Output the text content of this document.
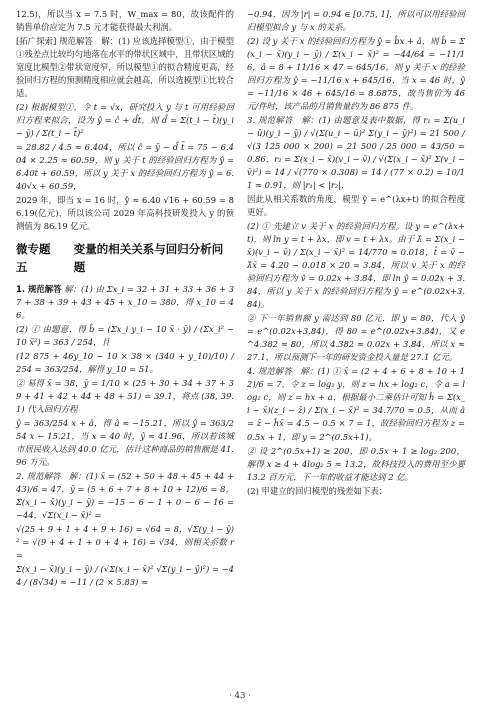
12.5)，所以当 x = 7.5 时，W_max = 80，故该配件的销售单价应定为 7.5 元才能获得最大利润。

[拓广探索] 规范解答　解：(1) 应该选择模型①，由于模型①残差点比较均匀地落在水平的带状区域中，且带状区域的宽度比模型②带状宽度窄，所以模型①的拟合精度更高，经验回归方程的预测精度相应就会越高，所以选模型①比较合适。

(2) 根据模型①，令 t = √x，研究投入 y 与 t 可用经验回归方程来拟合，设为 ŷ = ĉ + d̂t，则 d̂ = Σ(t_i − t̄)(y_i − ȳ) / Σ(t_i − t̄)²

= 28.82 / 4.5 ≈ 6.404，所以 ĉ = ȳ − d̂ t̄ = 75 − 6.404 × 2.25 ≈ 60.59，则 y 关于 t 的经验回归方程为 ŷ = 6.40t + 60.59，所以 y 关于 x 的经验回归方程为 ŷ = 6.40√x + 60.59，

2029 年，即当 x = 16 时，ŷ ≈ 6.40 √16 + 60.59 = 86.19(亿元)，所以该公司 2029 年高科技研发投入 y 的预测值为 86.19 亿元。

微专题五
变量的相关关系与回归分析问题

1. 规范解答 解：(1) 由 Σx_i = 32 + 31 + 33 + 36 + 37 + 38 + 39 + 43 + 45 + x_10 = 380，得 x_10 = 46。

(2) ① 由题意，得 b̂ = (Σx_i y_i − 10 x̄ · ȳ) / (Σx_i² − 10 x̄²) = 363 / 254，且

(12 875 + 46y_10 − 10 × 38 × (340 + y_10)/10) / 254 = 363/254，解得 y_10 = 51。

② 易得 x̄ = 38，ȳ = 1/10 × (25 + 30 + 34 + 37 + 39 + 41 + 42 + 44 + 48 + 51) = 39.1，将点 (38, 39.1) 代入回归方程

ŷ = 363/254 x + â，得 â ≈ −15.21，所以 ŷ = 363/254 x − 15.21，当 x = 40 时，ŷ ≈ 41.96，所以若该城市居民收入达到 40.0 亿元，估计这种商品的销售额是 41.96 万元。

2. 规范解答　解：(1) x̄ = (52 + 50 + 48 + 45 + 44 + 43)/6 = 47，ȳ = (5 + 6 + 7 + 8 + 10 + 12)/6 = 8，Σ(x_i − x̄)(y_i − ȳ) = −15 − 6 − 1 + 0 − 6 − 16 = −44，√Σ(x_i − x̄)² =

√(25 + 9 + 1 + 4 + 9 + 16) = √64 = 8，√Σ(y_i − ȳ)² = √(9 + 4 + 1 + 0 + 4 + 16) = √34，则相关系数 r =

Σ(x_i − x̄)(y_i − ȳ) / (√Σ(x_i − x̄)² √Σ(y_i − ȳ)²) = −44 / (8√34) ≈ −11 / (2 × 5.83) ≈

−0.94，因为 |r| = 0.94 ∈ [0.75, 1]，所以可以用经验回归模型拟合 y 与 x 的关系。

(2) 设 y 关于 x 的经验回归方程为 ŷ = b̂x + â，则 b̂ = Σ(x_i − x̄)(y_i − ȳ) / Σ(x_i − x̄)² = −44/64 = −11/16，â = 8 + 11/16 × 47 = 645/16，则 y 关于 x 的经验回归方程为 ŷ = −11/16 x + 645/16，当 x = 46 时，ŷ = −11/16 × 46 + 645/16 = 8.6875，故当售价为 46 元/件时，该产品的月销售量约为 86 875 件。

3. 规范解答　解：(1) 由题意及表中数据，得 r₁ = Σ(u_i − ū)(y_i − ȳ) / √(Σ(u_i − ū)² Σ(y_i − ȳ)²) = 21 500 / √(3 125 000 × 200) = 21 500 / 25 000 = 43/50 = 0.86，r₂ = Σ(x_i − x̄)(v_i − v̄) / √(Σ(x_i − x̄)² Σ(v_i − v̄)²) = 14 / √(770 × 0.308) = 14 / (77 × 0.2) = 10/11 ≈ 0.91，则 |r₁| < |r₂|，

因此从相关系数的角度，模型 ŷ = e^(λx+t) 的拟合程度更好。

(2) ① 先建立 v 关于 x 的经验回归方程。设 y = e^(λx+t)，则 ln y = t + λx，即 v = t + λx。由于 λ̂ = Σ(x_i − x̄)(v_i − v̄) / Σ(x_i − x̄)² = 14/770 ≈ 0.018，t̂ = v̄ − λ̂x̄ = 4.20 − 0.018 × 20 = 3.84，所以 v 关于 x 的经验回归方程为 v̂ = 0.02x + 3.84，即 ln ŷ = 0.02x + 3.84，所以 y 关于 x 的经验回归方程为 ŷ = e^(0.02x+3.84)。

② 下一年销售额 y 需达到 80 亿元，即 y = 80，代入 ŷ = e^(0.02x+3.84)，得 80 = e^(0.02x+3.84)，又 e^4.382 ≈ 80，所以 4.382 ≈ 0.02x + 3.84，所以 x ≈ 27.1，所以预测下一年的研发资金投入量是 27.1 亿元。

4. 规范解答　解：(1) ① x̄ = (2 + 4 + 6 + 8 + 10 + 12)/6 = 7，令 z = log₂ y，则 z = hx + log₂ c，令 a = log₂ c，则 z = hx + a，根据最小二乘估计可知 ĥ = Σ(x_i − x̄)(z_i − z̄) / Σ(x_i − x̄)² = 34.7/70 ≈ 0.5，从而 â = z̄ − ĥx̄ = 4.5 − 0.5 × 7 = 1，故经验回归方程为 z = 0.5x + 1，即 y = 2^(0.5x+1)。

② 设 2^(0.5x+1) ≥ 200，即 0.5x + 1 ≥ log₂ 200，解得 x ≥ 4 + 4log₂ 5 ≈ 13.2，故科技投入的费用至少要 13.2 百万元，下一年的收益才能达到 2 亿。

(2) 甲建立的回归模型的残差如下表：

· 43 ·
